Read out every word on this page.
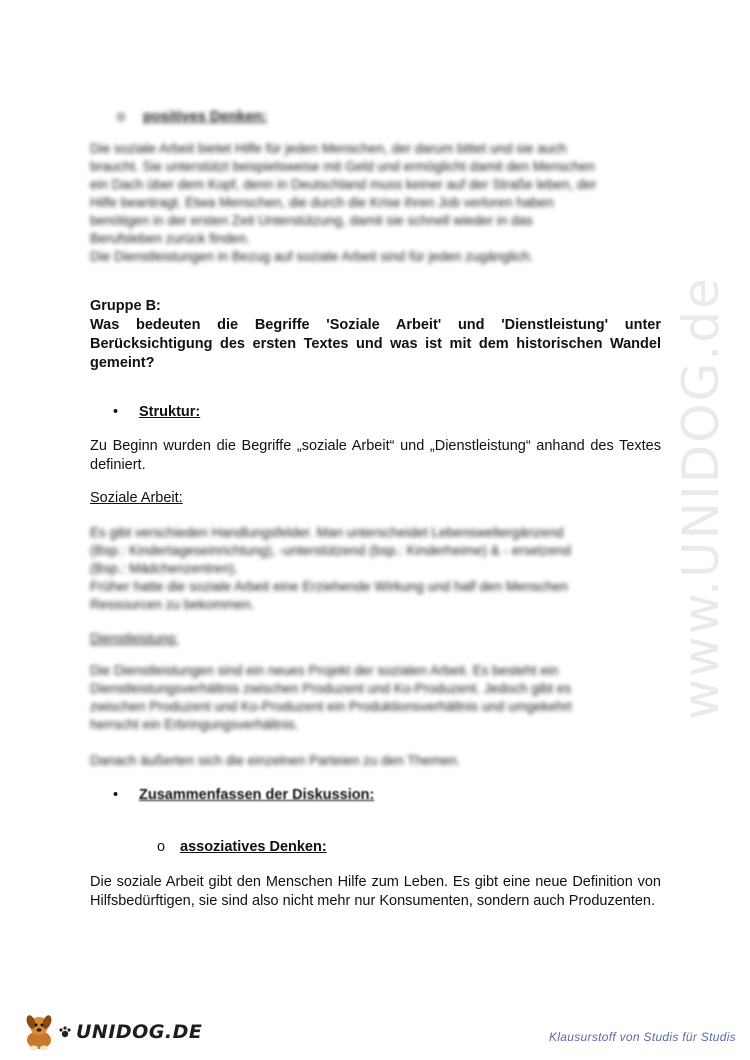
www.UNIDOG.de
o positives Denken:
Die soziale Arbeit bietet Hilfe für jeden Menschen, der darum bittet und sie auch
braucht. Sie unterstützt beispielsweise mit Geld und ermöglicht damit den Menschen
ein Dach über dem Kopf, denn in Deutschland muss keiner auf der Straße leben, der
Hilfe beantragt. Etwa Menschen, die durch die Krise ihren Job verloren haben
benötigen in der ersten Zeit Unterstützung, damit sie schnell wieder in das
Berufsleben zurück finden.
Die Dienstleistungen in Bezug auf soziale Arbeit sind für jeden zugänglich.
Gruppe B:
Was bedeuten die Begriffe 'Soziale Arbeit' und 'Dienstleistung' unter Berücksichtigung des ersten Textes und was ist mit dem historischen Wandel gemeint?
• Struktur:
Zu Beginn wurden die Begriffe „soziale Arbeit“ und „Dienstleistung“ anhand des Textes definiert.
Soziale Arbeit:
Es gibt verschieden Handlungsfelder. Man unterscheidet Lebensweltergänzend
(Bsp.: Kindertageseinrichtung), -unterstützend (bsp.: Kinderheime) & - ersetzend
(Bsp.: Mädchenzentren).
Früher hatte die soziale Arbeit eine Erziehende Wirkung und half den Menschen
Ressourcen zu bekommen.
Dienstleistung:
Die Dienstleistungen sind ein neues Projekt der sozialen Arbeit. Es besteht ein
Dienstleistungsverhältnis zwischen Produzent und Ko-Produzent. Jedoch gibt es
zwischen Produzent und Ko-Produzent ein Produktionsverhältnis und umgekehrt
herrscht ein Erbringungsverhältnis.
Danach äußerten sich die einzelnen Parteien zu den Themen.
• Zusammenfassen der Diskussion:
o assoziatives Denken:
Die soziale Arbeit gibt den Menschen Hilfe zum Leben. Es gibt eine neue Definition von Hilfsbedürftigen, sie sind also nicht mehr nur Konsumenten, sondern auch Produzenten.
UNIDOG.DE	Klausurstoff von Studis für Studis
